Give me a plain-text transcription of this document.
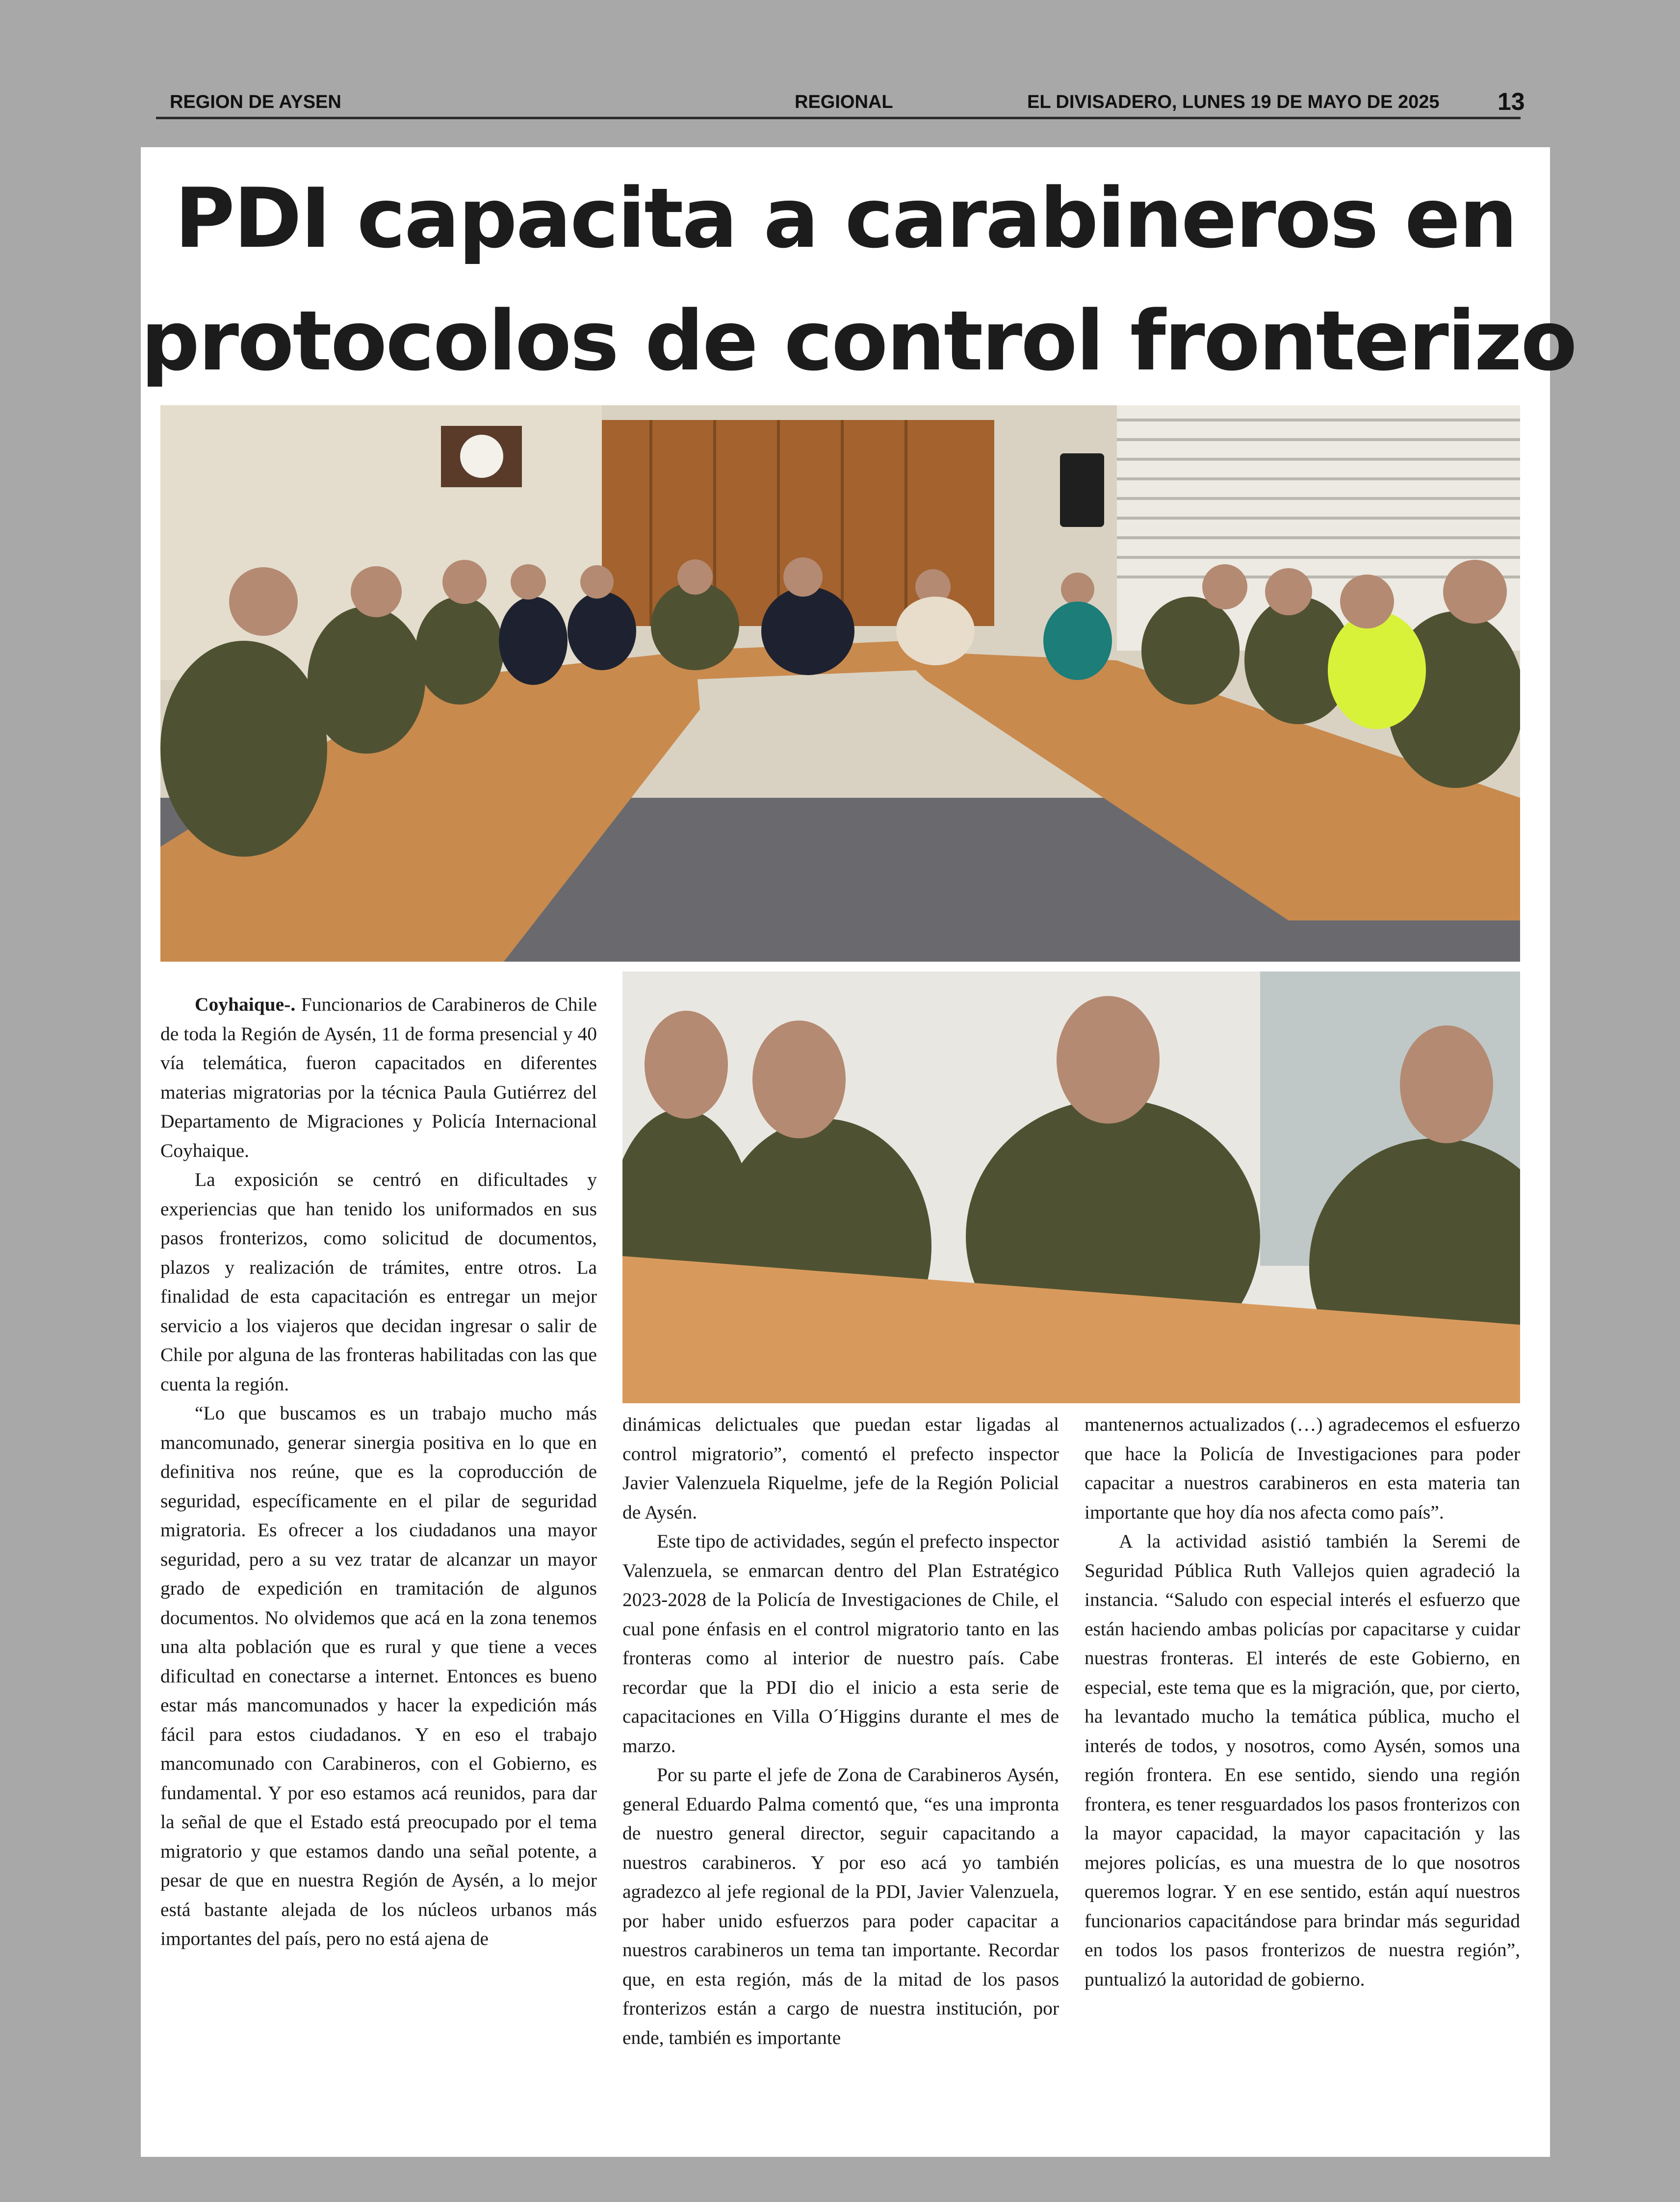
REGION DE AYSEN	REGIONAL	EL DIVISADERO, LUNES 19 DE MAYO DE 2025 13
PDI capacita a carabineros en
protocolos de control fronterizo

Coyhaique-. Funcionarios de Carabineros de Chile de toda la Región de Aysén, 11 de forma presencial y 40 vía telemática, fueron capacitados en diferentes materias migratorias por la técnica Paula Gutiérrez del Departamento de Migraciones y Policía Internacional Coyhaique.

La exposición se centró en dificultades y experiencias que han tenido los uniformados en sus pasos fronterizos, como solicitud de documentos, plazos y realización de trámites, entre otros. La finalidad de esta capacitación es entregar un mejor servicio a los viajeros que decidan ingresar o salir de Chile por alguna de las fronteras habilitadas con las que cuenta la región.

“Lo que buscamos es un trabajo mucho más mancomunado, generar sinergia positiva en lo que en definitiva nos reúne, que es la coproducción de seguridad, específicamente en el pilar de seguridad migratoria. Es ofrecer a los ciudadanos una mayor seguridad, pero a su vez tratar de alcanzar un mayor grado de expedición en tramitación de algunos documentos. No olvidemos que acá en la zona tenemos una alta población que es rural y que tiene a veces dificultad en conectarse a internet. Entonces es bueno estar más mancomunados y hacer la expedición más fácil para estos ciudadanos. Y en eso el trabajo mancomunado con Carabineros, con el Gobierno, es fundamental. Y por eso estamos acá reunidos, para dar la señal de que el Estado está preocupado por el tema migratorio y que estamos dando una señal potente, a pesar de que en nuestra Región de Aysén, a lo mejor está bastante alejada de los núcleos urbanos más importantes del país, pero no está ajena de

dinámicas delictuales que puedan estar ligadas al control migratorio”, comentó el prefecto inspector Javier Valenzuela Riquelme, jefe de la Región Policial de Aysén.

Este tipo de actividades, según el prefecto inspector Valenzuela, se enmarcan dentro del Plan Estratégico 2023-2028 de la Policía de Investigaciones de Chile, el cual pone énfasis en el control migratorio tanto en las fronteras como al interior de nuestro país. Cabe recordar que la PDI dio el inicio a esta serie de capacitaciones en Villa O´Higgins durante el mes de marzo.

Por su parte el jefe de Zona de Carabineros Aysén, general Eduardo Palma comentó que, “es una impronta de nuestro general director, seguir capacitando a nuestros carabineros. Y por eso acá yo también agradezco al jefe regional de la PDI, Javier Valenzuela, por haber unido esfuerzos para poder capacitar a nuestros carabineros un tema tan importante. Recordar que, en esta región, más de la mitad de los pasos fronterizos están a cargo de nuestra institución, por ende, también es importante

mantenernos actualizados (…) agradecemos el esfuerzo que hace la Policía de Investigaciones para poder capacitar a nuestros carabineros en esta materia tan importante que hoy día nos afecta como país”.

A la actividad asistió también la Seremi de Seguridad Pública Ruth Vallejos quien agradeció la instancia. “Saludo con especial interés el esfuerzo que están haciendo ambas policías por capacitarse y cuidar nuestras fronteras. El interés de este Gobierno, en especial, este tema que es la migración, que, por cierto, ha levantado mucho la temática pública, mucho el interés de todos, y nosotros, como Aysén, somos una región frontera. En ese sentido, siendo una región frontera, es tener resguardados los pasos fronterizos con la mayor capacidad, la mayor capacitación y las mejores policías, es una muestra de lo que nosotros queremos lograr. Y en ese sentido, están aquí nuestros funcionarios capacitándose para brindar más seguridad en todos los pasos fronterizos de nuestra región”, puntualizó la autoridad de gobierno.
